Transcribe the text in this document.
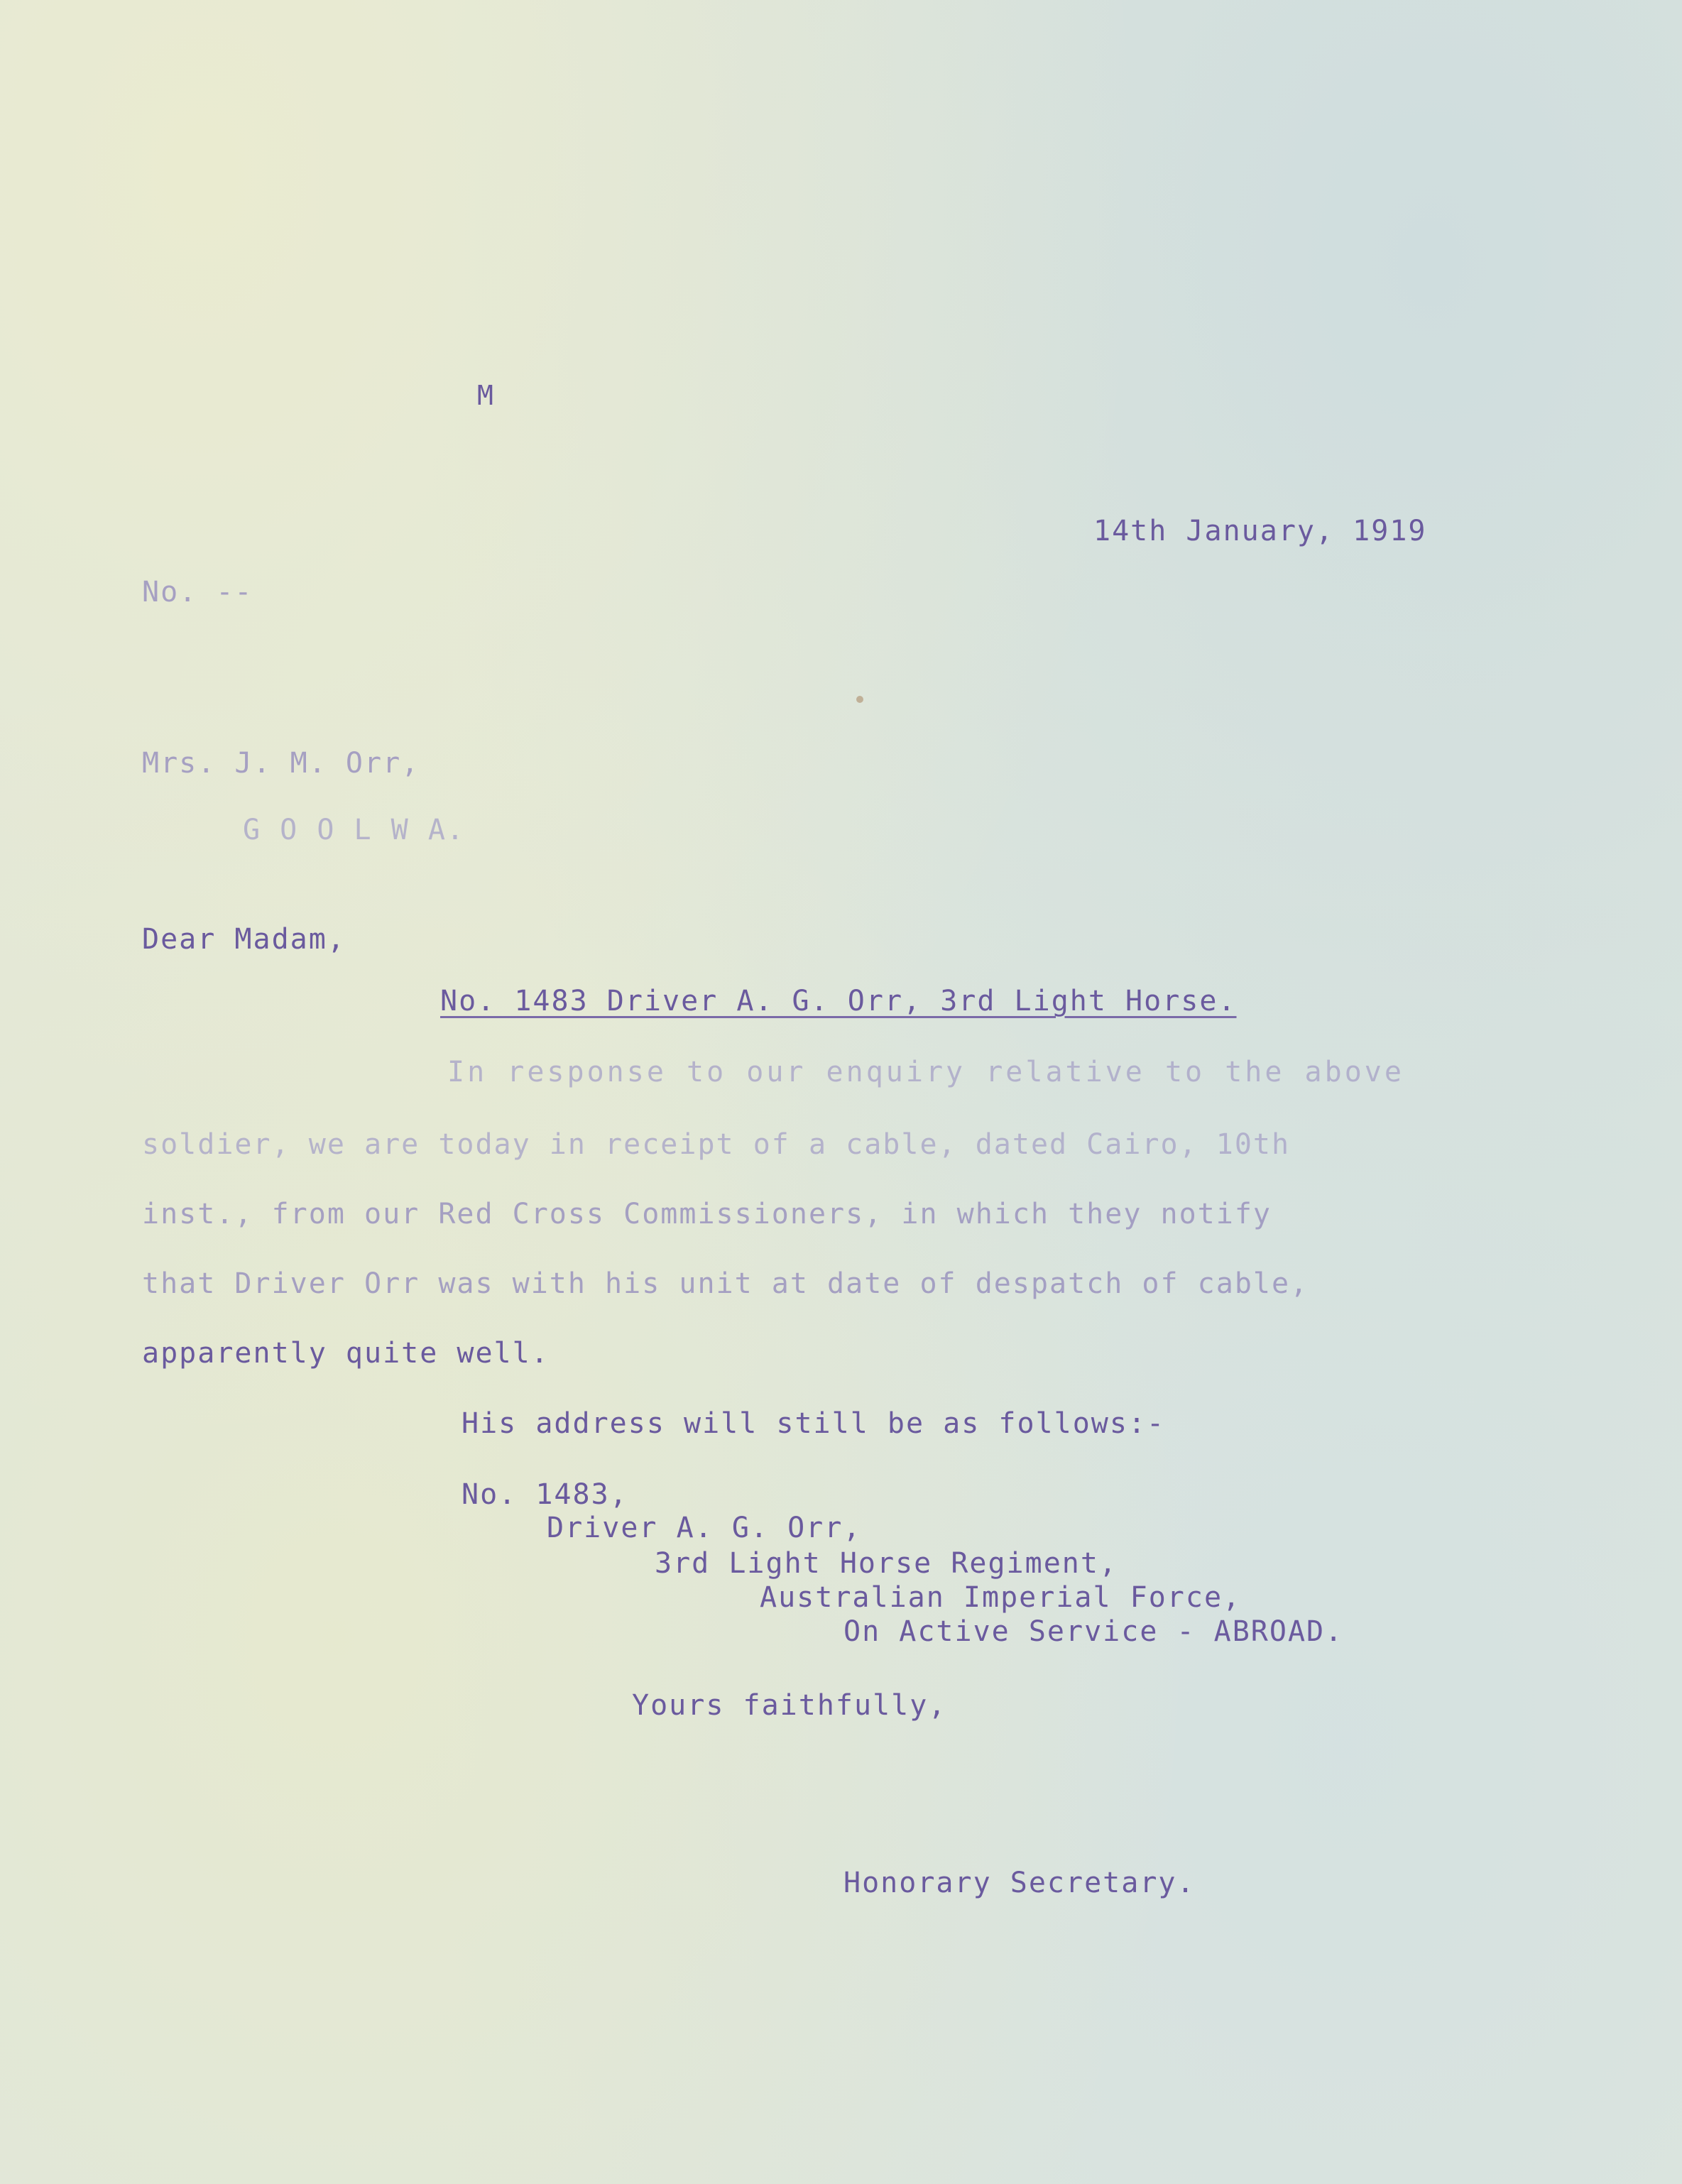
M
14th January, 1919
No. --
Mrs. J. M. Orr,
G O O L W A.
Dear Madam,
No. 1483 Driver A. G. Orr, 3rd Light Horse.
In response to our enquiry relative to the above
soldier, we are today in receipt of a cable, dated Cairo, 10th
inst., from our Red Cross Commissioners, in which they notify
that Driver Orr was with his unit at date of despatch of cable,
apparently quite well.
His address will still be as follows:-
No. 1483,
Driver A. G. Orr,
3rd Light Horse Regiment,
Australian Imperial Force,
On Active Service - ABROAD.
Yours faithfully,
Honorary Secretary.
